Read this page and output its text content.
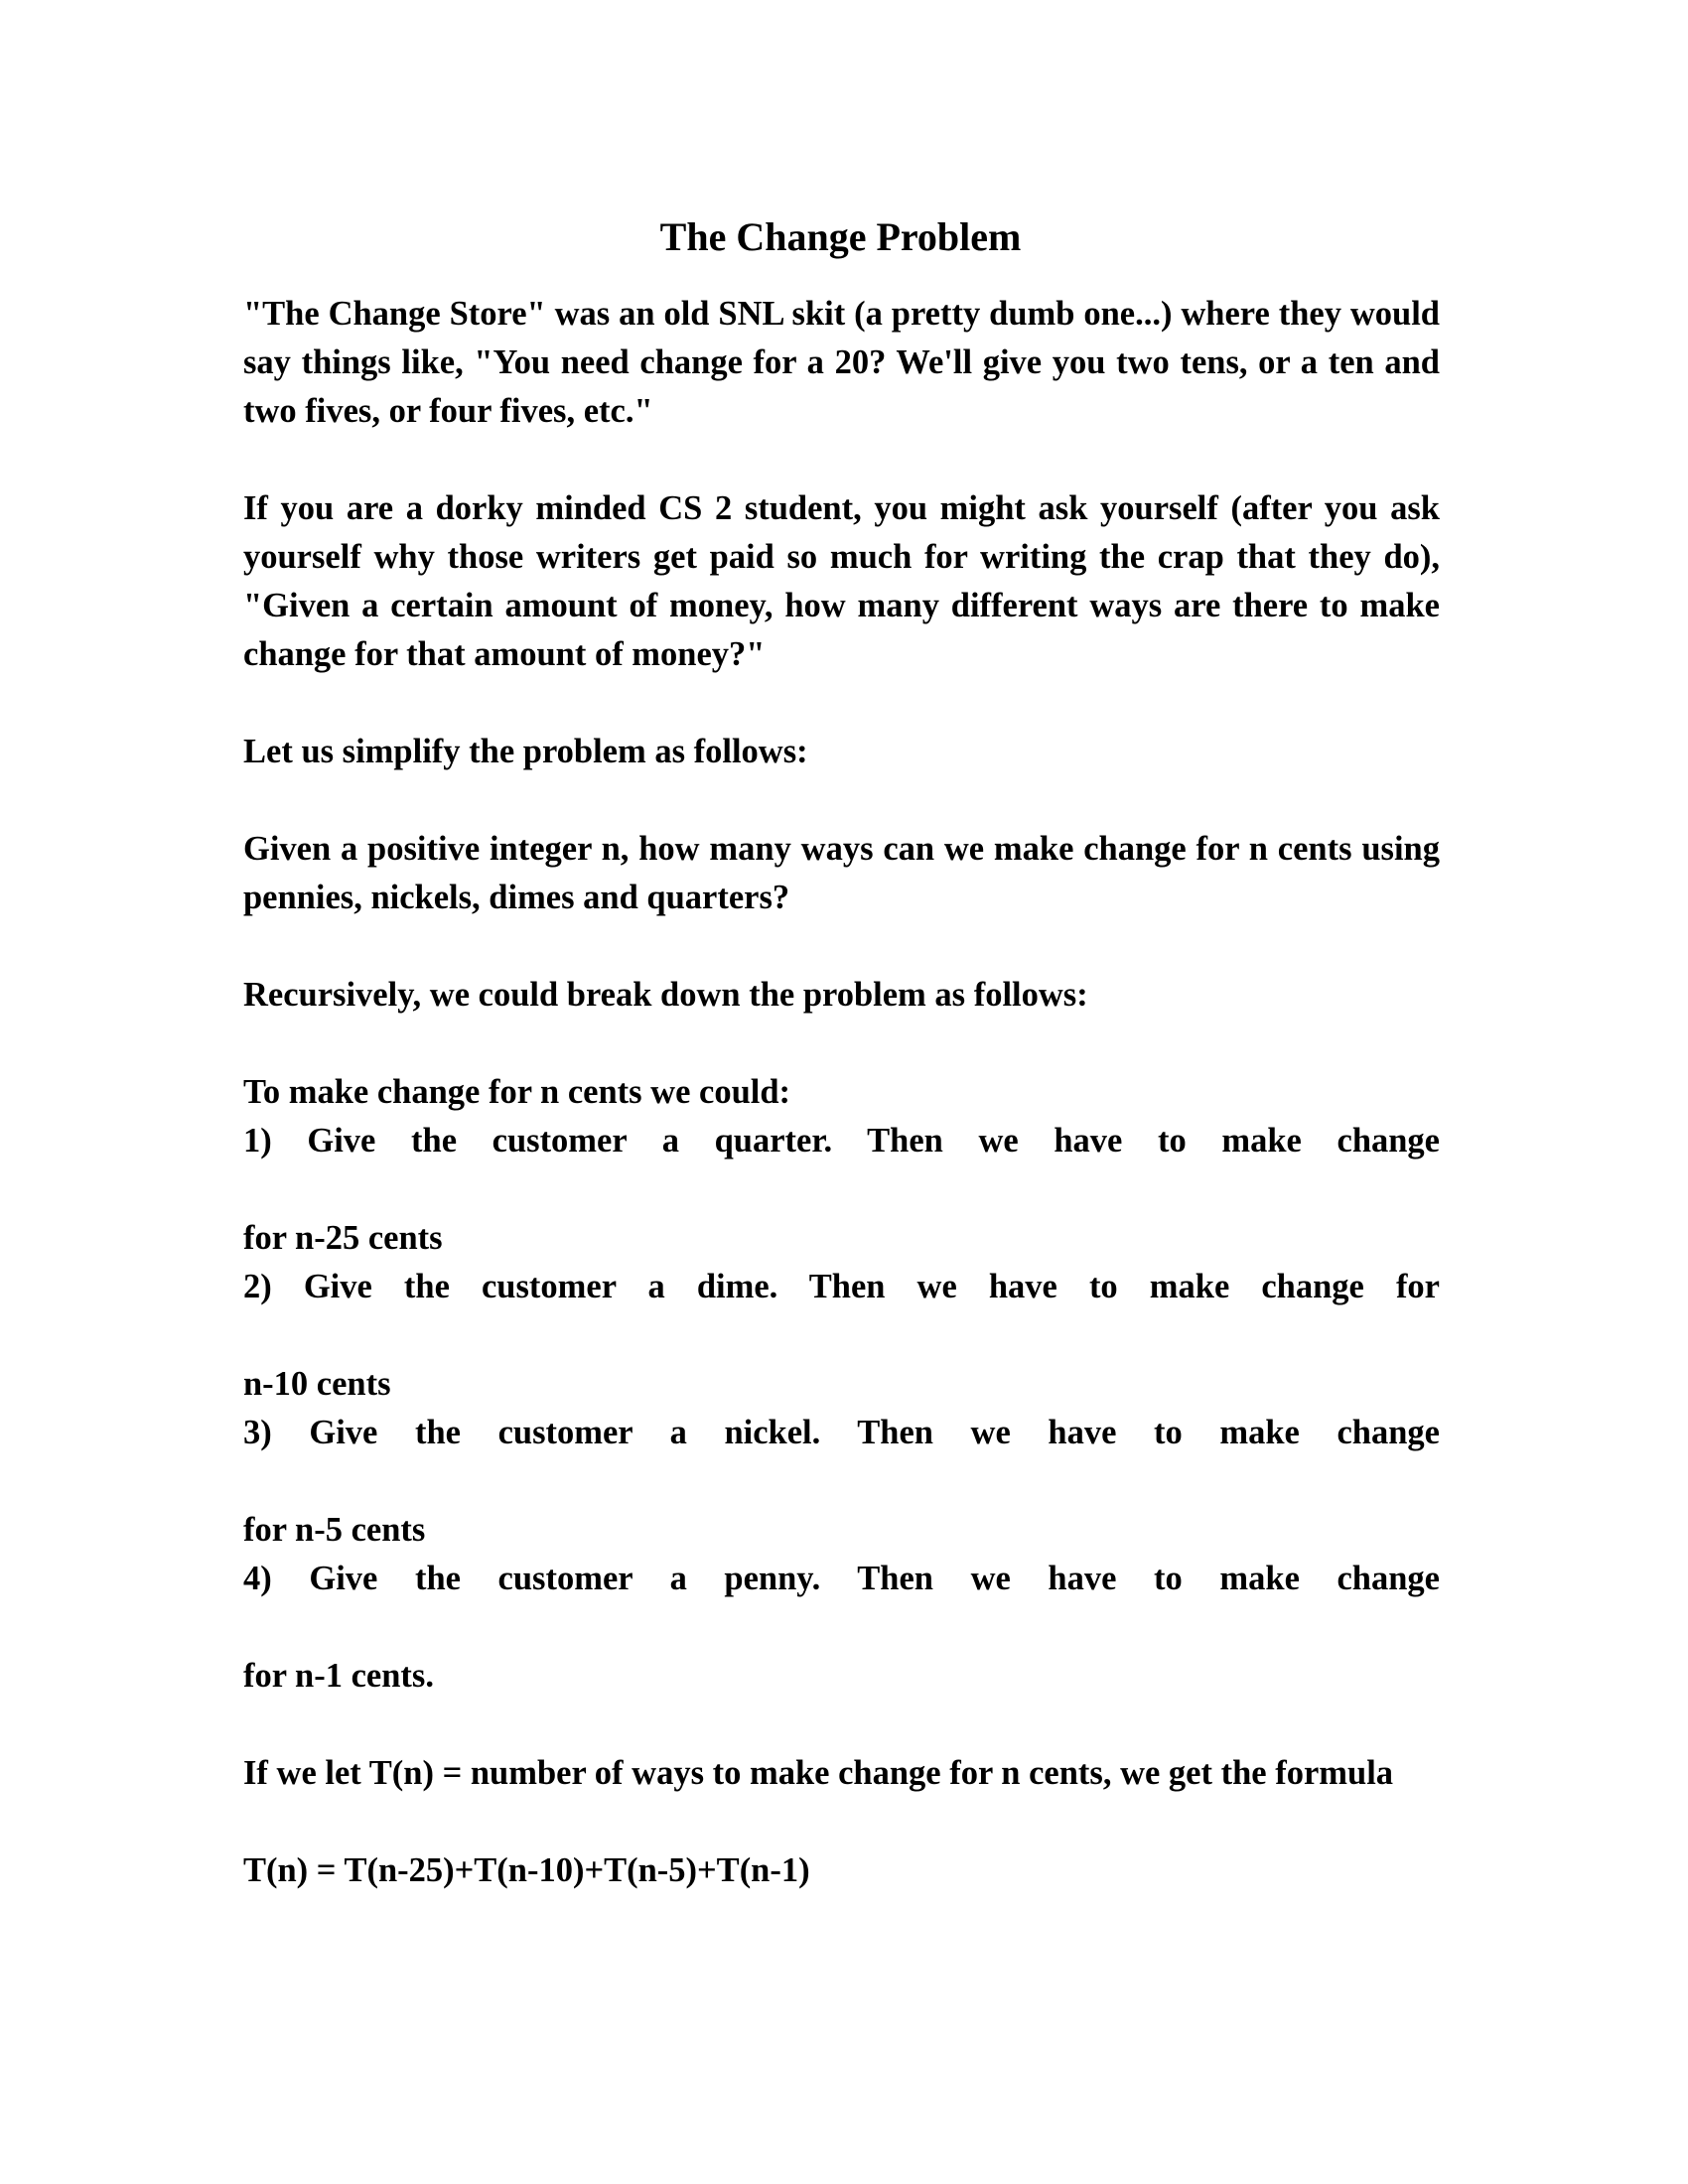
The Change Problem

"The Change Store" was an old SNL skit (a pretty dumb one...) where they would say things like, "You need change for a 20? We'll give you two tens, or a ten and two fives, or four fives, etc."

If you are a dorky minded CS 2 student, you might ask yourself (after you ask yourself why those writers get paid so much for writing the crap that they do), "Given a certain amount of money, how many different ways are there to make change for that amount of money?"

Let us simplify the problem as follows:

Given a positive integer n, how many ways can we make change for n cents using pennies, nickels, dimes and quarters?

Recursively, we could break down the problem as follows:

To make change for n cents we could:
1) Give the customer a quarter. Then we have to make change
for n-25 cents
2) Give the customer a dime. Then we have to make change for
n-10 cents
3) Give the customer a nickel. Then we have to make change
for n-5 cents
4) Give the customer a penny. Then we have to make change
for n-1 cents.

If we let T(n) = number of ways to make change for n cents, we get the formula

T(n) = T(n-25)+T(n-10)+T(n-5)+T(n-1)
